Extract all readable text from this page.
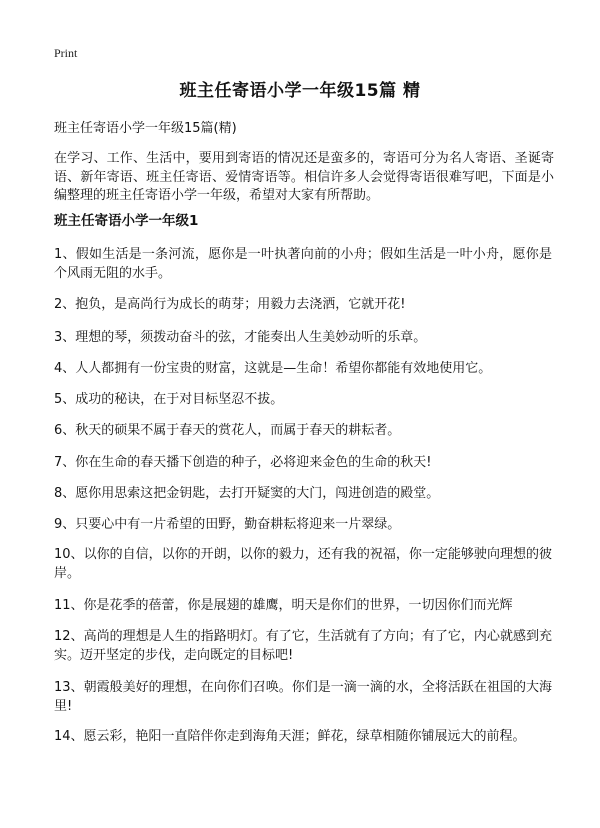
Print
班主任寄语小学一年级15篇 精
班主任寄语小学一年级15篇(精)
在学习、工作、生活中，要用到寄语的情况还是蛮多的，寄语可分为名人寄语、圣诞寄语、新年寄语、班主任寄语、爱情寄语等。相信许多人会觉得寄语很难写吧，下面是小编整理的班主任寄语小学一年级，希望对大家有所帮助。
班主任寄语小学一年级1
1、假如生活是一条河流，愿你是一叶执著向前的小舟；假如生活是一叶小舟，愿你是个风雨无阻的水手。
2、抱负，是高尚行为成长的萌芽；用毅力去浇洒，它就开花!
3、理想的琴，须拨动奋斗的弦，才能奏出人生美妙动听的乐章。
4、人人都拥有一份宝贵的财富，这就是—生命！希望你都能有效地使用它。
5、成功的秘诀，在于对目标坚忍不拔。
6、秋天的硕果不属于春天的赏花人，而属于春天的耕耘者。
7、你在生命的春天播下创造的种子，必将迎来金色的生命的秋天!
8、愿你用思索这把金钥匙，去打开疑窦的大门，闯进创造的殿堂。
9、只要心中有一片希望的田野，勤奋耕耘将迎来一片翠绿。
10、以你的自信，以你的开朗，以你的毅力，还有我的祝福，你一定能够驶向理想的彼岸。
11、你是花季的蓓蕾，你是展翅的雄鹰，明天是你们的世界，一切因你们而光辉
12、高尚的理想是人生的指路明灯。有了它，生活就有了方向；有了它，内心就感到充实。迈开坚定的步伐，走向既定的目标吧!
13、朝霞般美好的理想，在向你们召唤。你们是一滴一滴的水，全将活跃在祖国的大海里!
14、愿云彩，艳阳一直陪伴你走到海角天涯；鲜花，绿草相随你铺展远大的前程。
